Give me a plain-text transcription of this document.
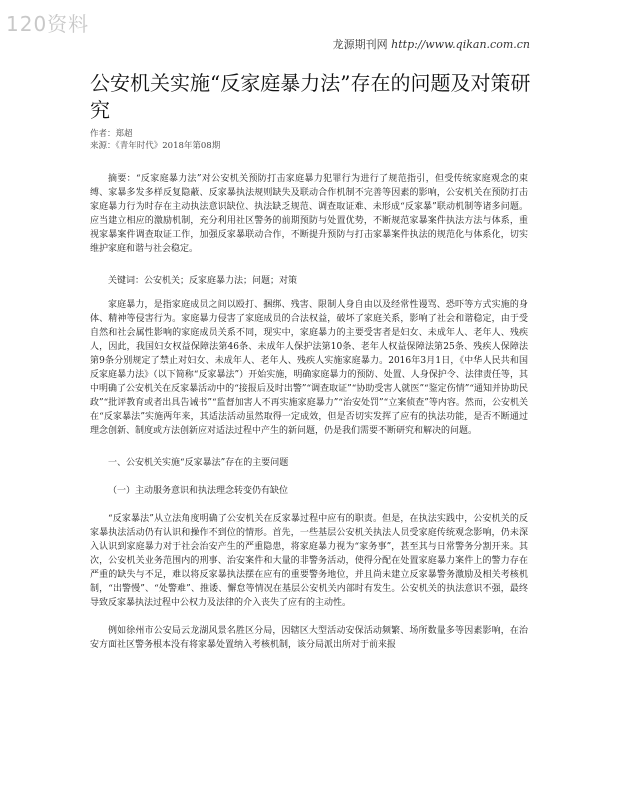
120资料
龙源期刊网 http://www.qikan.com.cn
公安机关实施“反家庭暴力法”存在的问题及对策研究
作者：郑超
来源：《青年时代》2018年第08期

摘要：“反家庭暴力法”对公安机关预防打击家庭暴力犯罪行为进行了规范指引，但受传统家庭观念的束缚、家暴多发多样反复隐蔽、反家暴执法规则缺失及联动合作机制不完善等因素的影响，公安机关在预防打击家庭暴力行为时存在主动执法意识缺位、执法缺乏规范、调查取证难、未形成“反家暴”联动机制等诸多问题。应当建立相应的激励机制，充分利用社区警务的前期预防与处置优势，不断规范家暴案件执法方法与体系，重视家暴案件调查取证工作，加强反家暴联动合作，不断提升预防与打击家暴案件执法的规范化与体系化，切实维护家庭和谐与社会稳定。

关键词：公安机关；反家庭暴力法；问题；对策

家庭暴力，是指家庭成员之间以殴打、捆绑、残害、限制人身自由以及经常性谩骂、恐吓等方式实施的身体、精神等侵害行为。家庭暴力侵害了家庭成员的合法权益，破坏了家庭关系，影响了社会和谐稳定，由于受自然和社会属性影响的家庭成员关系不同，现实中，家庭暴力的主要受害者是妇女、未成年人、老年人、残疾人，因此，我国妇女权益保障法第46条、未成年人保护法第10条、老年人权益保障法第25条、残疾人保障法第9条分别规定了禁止对妇女、未成年人、老年人、残疾人实施家庭暴力。2016年3月1日，《中华人民共和国反家庭暴力法》（以下简称“反家暴法”）开始实施，明确家庭暴力的预防、处置、人身保护令、法律责任等，其中明确了公安机关在反家暴活动中的“接报后及时出警”“调查取证”“协助受害人就医”“鉴定伤情”“通知并协助民政”“批评教育或者出具告诫书”“监督加害人不再实施家庭暴力”“治安处罚”“立案侦查”等内容。然而，公安机关在“反家暴法”实施两年来，其适法活动虽然取得一定成效，但是否切实发挥了应有的执法功能，是否不断通过理念创新、制度或方法创新应对适法过程中产生的新问题，仍是我们需要不断研究和解决的问题。

一、公安机关实施“反家暴法”存在的主要问题

（一）主动服务意识和执法理念转变仍有缺位

“反家暴法”从立法角度明确了公安机关在反家暴过程中应有的职责。但是，在执法实践中，公安机关的反家暴执法活动仍有认识和操作不到位的情形。首先，一些基层公安机关执法人员受家庭传统观念影响，仍未深入认识到家庭暴力对于社会治安产生的严重隐患，将家庭暴力视为“家务事”，甚至其与日常警务分割开来。其次，公安机关业务范围内的刑事、治安案件和大量的非警务活动，使得分配在处置家庭暴力案件上的警力存在严重的缺失与不足，难以将反家暴执法摆在应有的重要警务地位，并且尚未建立反家暴警务激励及相关考核机制，“出警慢”、“处警难”、推诿、懈怠等情况在基层公安机关内部时有发生。公安机关的执法意识不强，最终导致反家暴执法过程中公权力及法律的介入丧失了应有的主动性。

例如徐州市公安局云龙湖风景名胜区分局，因辖区大型活动安保活动频繁、场所数量多等因素影响，在治安方面社区警务根本没有将家暴处置纳入考核机制，该分局派出所对于前来报
